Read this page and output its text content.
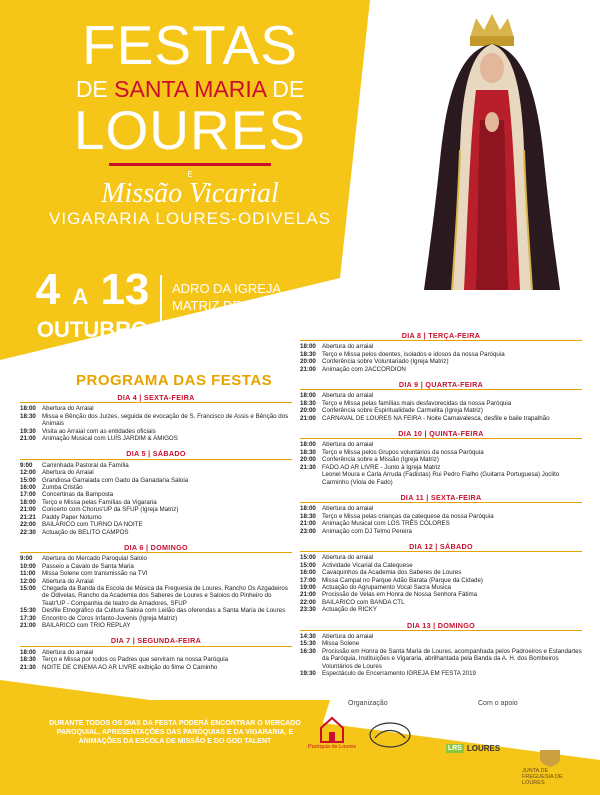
FESTAS
DE SANTA MARIA DE
LOURES
E
Missão Vicarial
VIGARARIA LOURES-ODIVELAS
4 A 13
OUTUBRO
ADRO DA IGREJA
MATRIZ DE LOURES
PROGRAMA DAS FESTAS
DIA 4 | SEXTA-FEIRA
18:00 Abertura do Arraial
18:30 Missa e Bênção dos Juízes, seguida de evocação de S. Francisco de Assis e Bênção dos Animais
19:30 Visita ao Arraial com as entidades oficiais
21:00 Animação Musical com LUÍS JARDIM & AMIGOS
DIA 5 | SÁBADO
9:00	Caminhada Pastoral da Família
12:00 Abertura do Arraial
15:00 Grandiosa Garraiada com Gado da Ganadaria Saloia
16:00 Zumba Cristão
17:00 Concertinas da Bamposta
18:00 Terço e Missa pelas Famílias da Vigararia
21:00 Concerto com Chorus'UP da SFUP (Igreja Matriz)
21:21 Paddy Paper Noturno
22:00 BAILARICO com TURNO DA NOITE
22:30 Actuação de BELITO CAMPOS
DIA 6 | DOMINGO
9:00	Abertura do Mercado Paroquial Saloio
10:00 Passeio a Cavalo de Santa Maria
11:00	Missa Solene com transmissão na TVI
12:00 Abertura do Arraial
15:00 Chegada da Banda da Escola de Música da Freguesia de Loures, Rancho Os Azgadeiros de Odivelas, Rancho da Academia dos Saberes de Loures e Saloios do Pinheiro do Teatr'UP - Companhia de teatro de Amadores, SFUP
15:30 Desfile Etnográfico da Cultura Saloia com Leilão das oferendas a Santa Maria de Loures
17:30 Encontro de Coros Infanto-Juvenis (Igreja Matriz)
21:00 BAILARICO com TRIO REPLAY
DIA 7 | SEGUNDA-FEIRA
18:00 Abertura do arraial
18:30 Terço e Missa por todos os Padres que serviram na nossa Paróquia
21:30 NOITE DE CINEMA AO AR LIVRE exibição do filme O Caminho
DIA 8 | TERÇA-FEIRA
18:00 Abertura do arraial
18:30 Terço e Missa pelos doentes, isolados e idosos da nossa Paróquia
20:00 Conferência sobre Voluntariado (Igreja Matriz)
21:00 Animação com 2ACCORDION
DIA 9 | QUARTA-FEIRA
18:00 Abertura do arraial
18:30 Terço e Missa pelas famílias mais desfavorecidas da nossa Paróquia
20:00 Conferência sobre Espiritualidade Carmelita (Igreja Matriz)
21:00 CARNAVAL DE LOURES NA FEIRA - Noite Carnavalesca, desfile e baile trapalhão
DIA 10 | QUINTA-FEIRA
18:00 Abertura do arraial
18:30 Terço e Missa pelos Grupos voluntários da nossa Paróquia
20:00 Conferência sobre a Missão (Igreja Matriz)
21:30 FADO AO AR LIVRE - Junto à Igreja Matriz
Leonel Moura e Carla Arruda (Fadistas) Rui Pedro Fialho (Guitarra Portuguesa) Joclito Carminho (Viola de Fado)
DIA 11 | SEXTA-FEIRA
18:00 Abertura do arraial
18:30 Terço e Missa pelas crianças da catequese da nossa Paróquia
21:00 Animação Musical com LOS TRÊS COLORES
23:00 Animação com DJ Telmo Pereira
DIA 12 | SÁBADO
15:00 Abertura do arraial
15:00 Actividade Vicarial da Catequese
16:00 Cavaquinhos da Academia dos Saberes de Loures
17:00 Missa Campal no Parque Adão Barata (Parque da Cidade)
19:00 Actuação do Agrupamento Vocal Sacra Musica
21:00 Procissão de Velas em Honra de Nossa Senhora Fátima
22:00 BAILARICO com BANDA CTL
23:30 Actuação de RICKY
DIA 13 | DOMINGO
14:30 Abertura do arraial
15:30 Missa Solene
16:30 Procissão em Honra de Santa Maria de Loures, acompanhada pelos Padroeiros e Estandartes da Paróquia, Instituições e Vigararia, abrilhantada pela Banda da A. H. dos Bombeiros Voluntários de Loures
19:30 Espectáculo de Encerramento IGREJA EM FESTA 2019
DURANTE TODOS OS DIAS DA FESTA PODERÁ ENCONTRAR O MERCADO PAROQUIAL, APRESENTAÇÕES DAS PARÓQUIAS E DA VIGARARIA, E ANIMAÇÕES DA ESCOLA DE MISSÃO E DO GOD TALENT
Organização	Com o apoio
Paróquia de Loures	LRS LOURES
JUNTA DE FREGUESIA DE LOURES
